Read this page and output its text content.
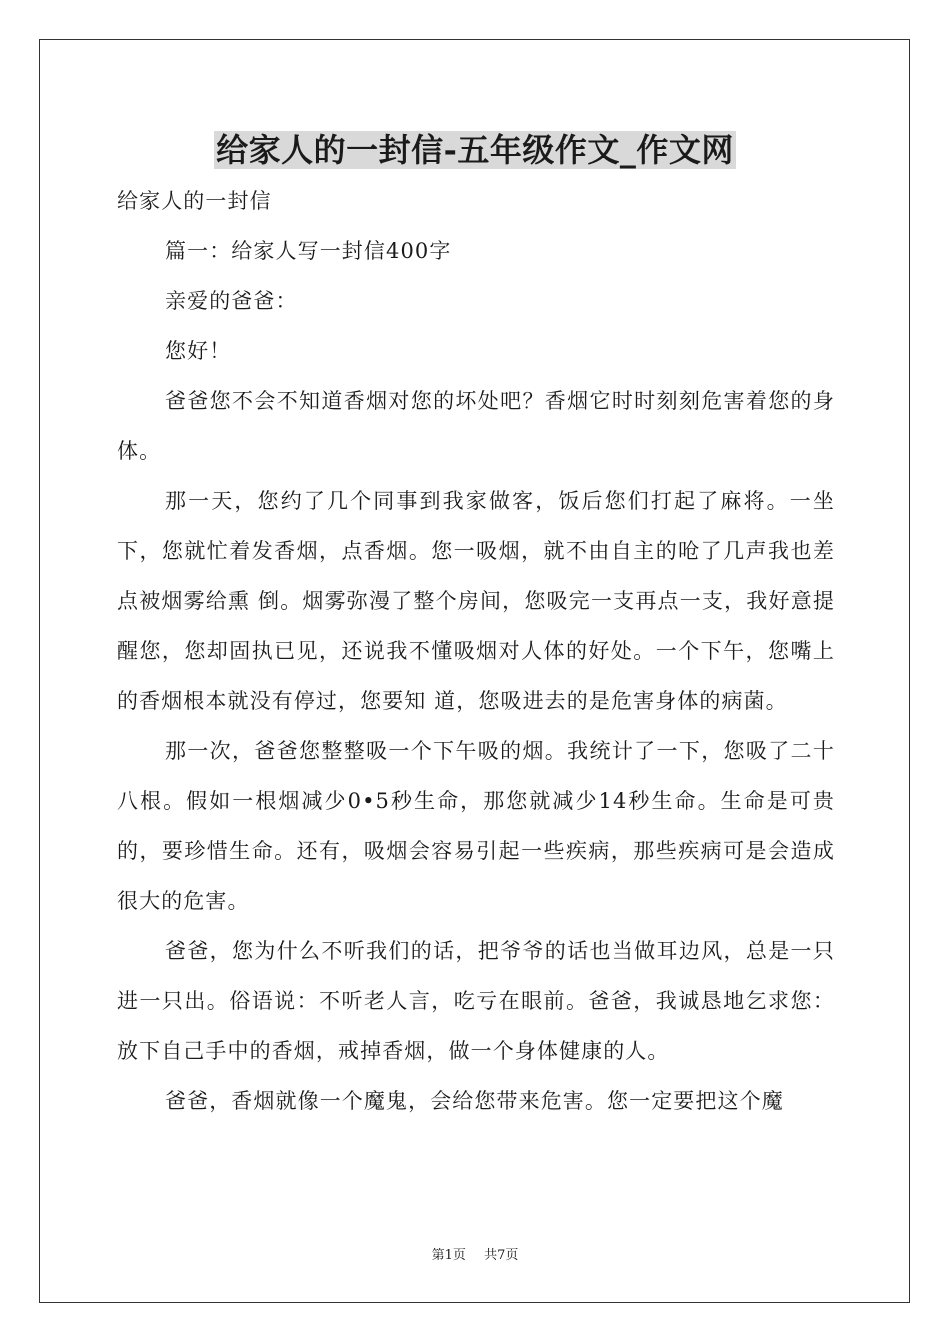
给家人的一封信-五年级作文_作文网

给家人的一封信

篇一：给家人写一封信400字

亲爱的爸爸：

您好！

爸爸您不会不知道香烟对您的坏处吧？香烟它时时刻刻危害着您的身体。

那一天，您约了几个同事到我家做客，饭后您们打起了麻将。一坐下，您就忙着发香烟，点香烟。您一吸烟，就不由自主的呛了几声我也差点被烟雾给熏 倒。烟雾弥漫了整个房间，您吸完一支再点一支，我好意提醒您，您却固执已见，还说我不懂吸烟对人体的好处。一个下午，您嘴上的香烟根本就没有停过，您要知 道，您吸进去的是危害身体的病菌。

那一次，爸爸您整整吸一个下午吸的烟。我统计了一下，您吸了二十八根。假如一根烟减少0•5秒生命，那您就减少14秒生命。生命是可贵的，要珍惜生命。还有，吸烟会容易引起一些疾病，那些疾病可是会造成很大的危害。

爸爸，您为什么不听我们的话，把爷爷的话也当做耳边风，总是一只进一只出。俗语说：不听老人言，吃亏在眼前。爸爸，我诚恳地乞求您：放下自己手中的香烟，戒掉香烟，做一个身体健康的人。

爸爸，香烟就像一个魔鬼，会给您带来危害。您一定要把这个魔

第1页 共7页
